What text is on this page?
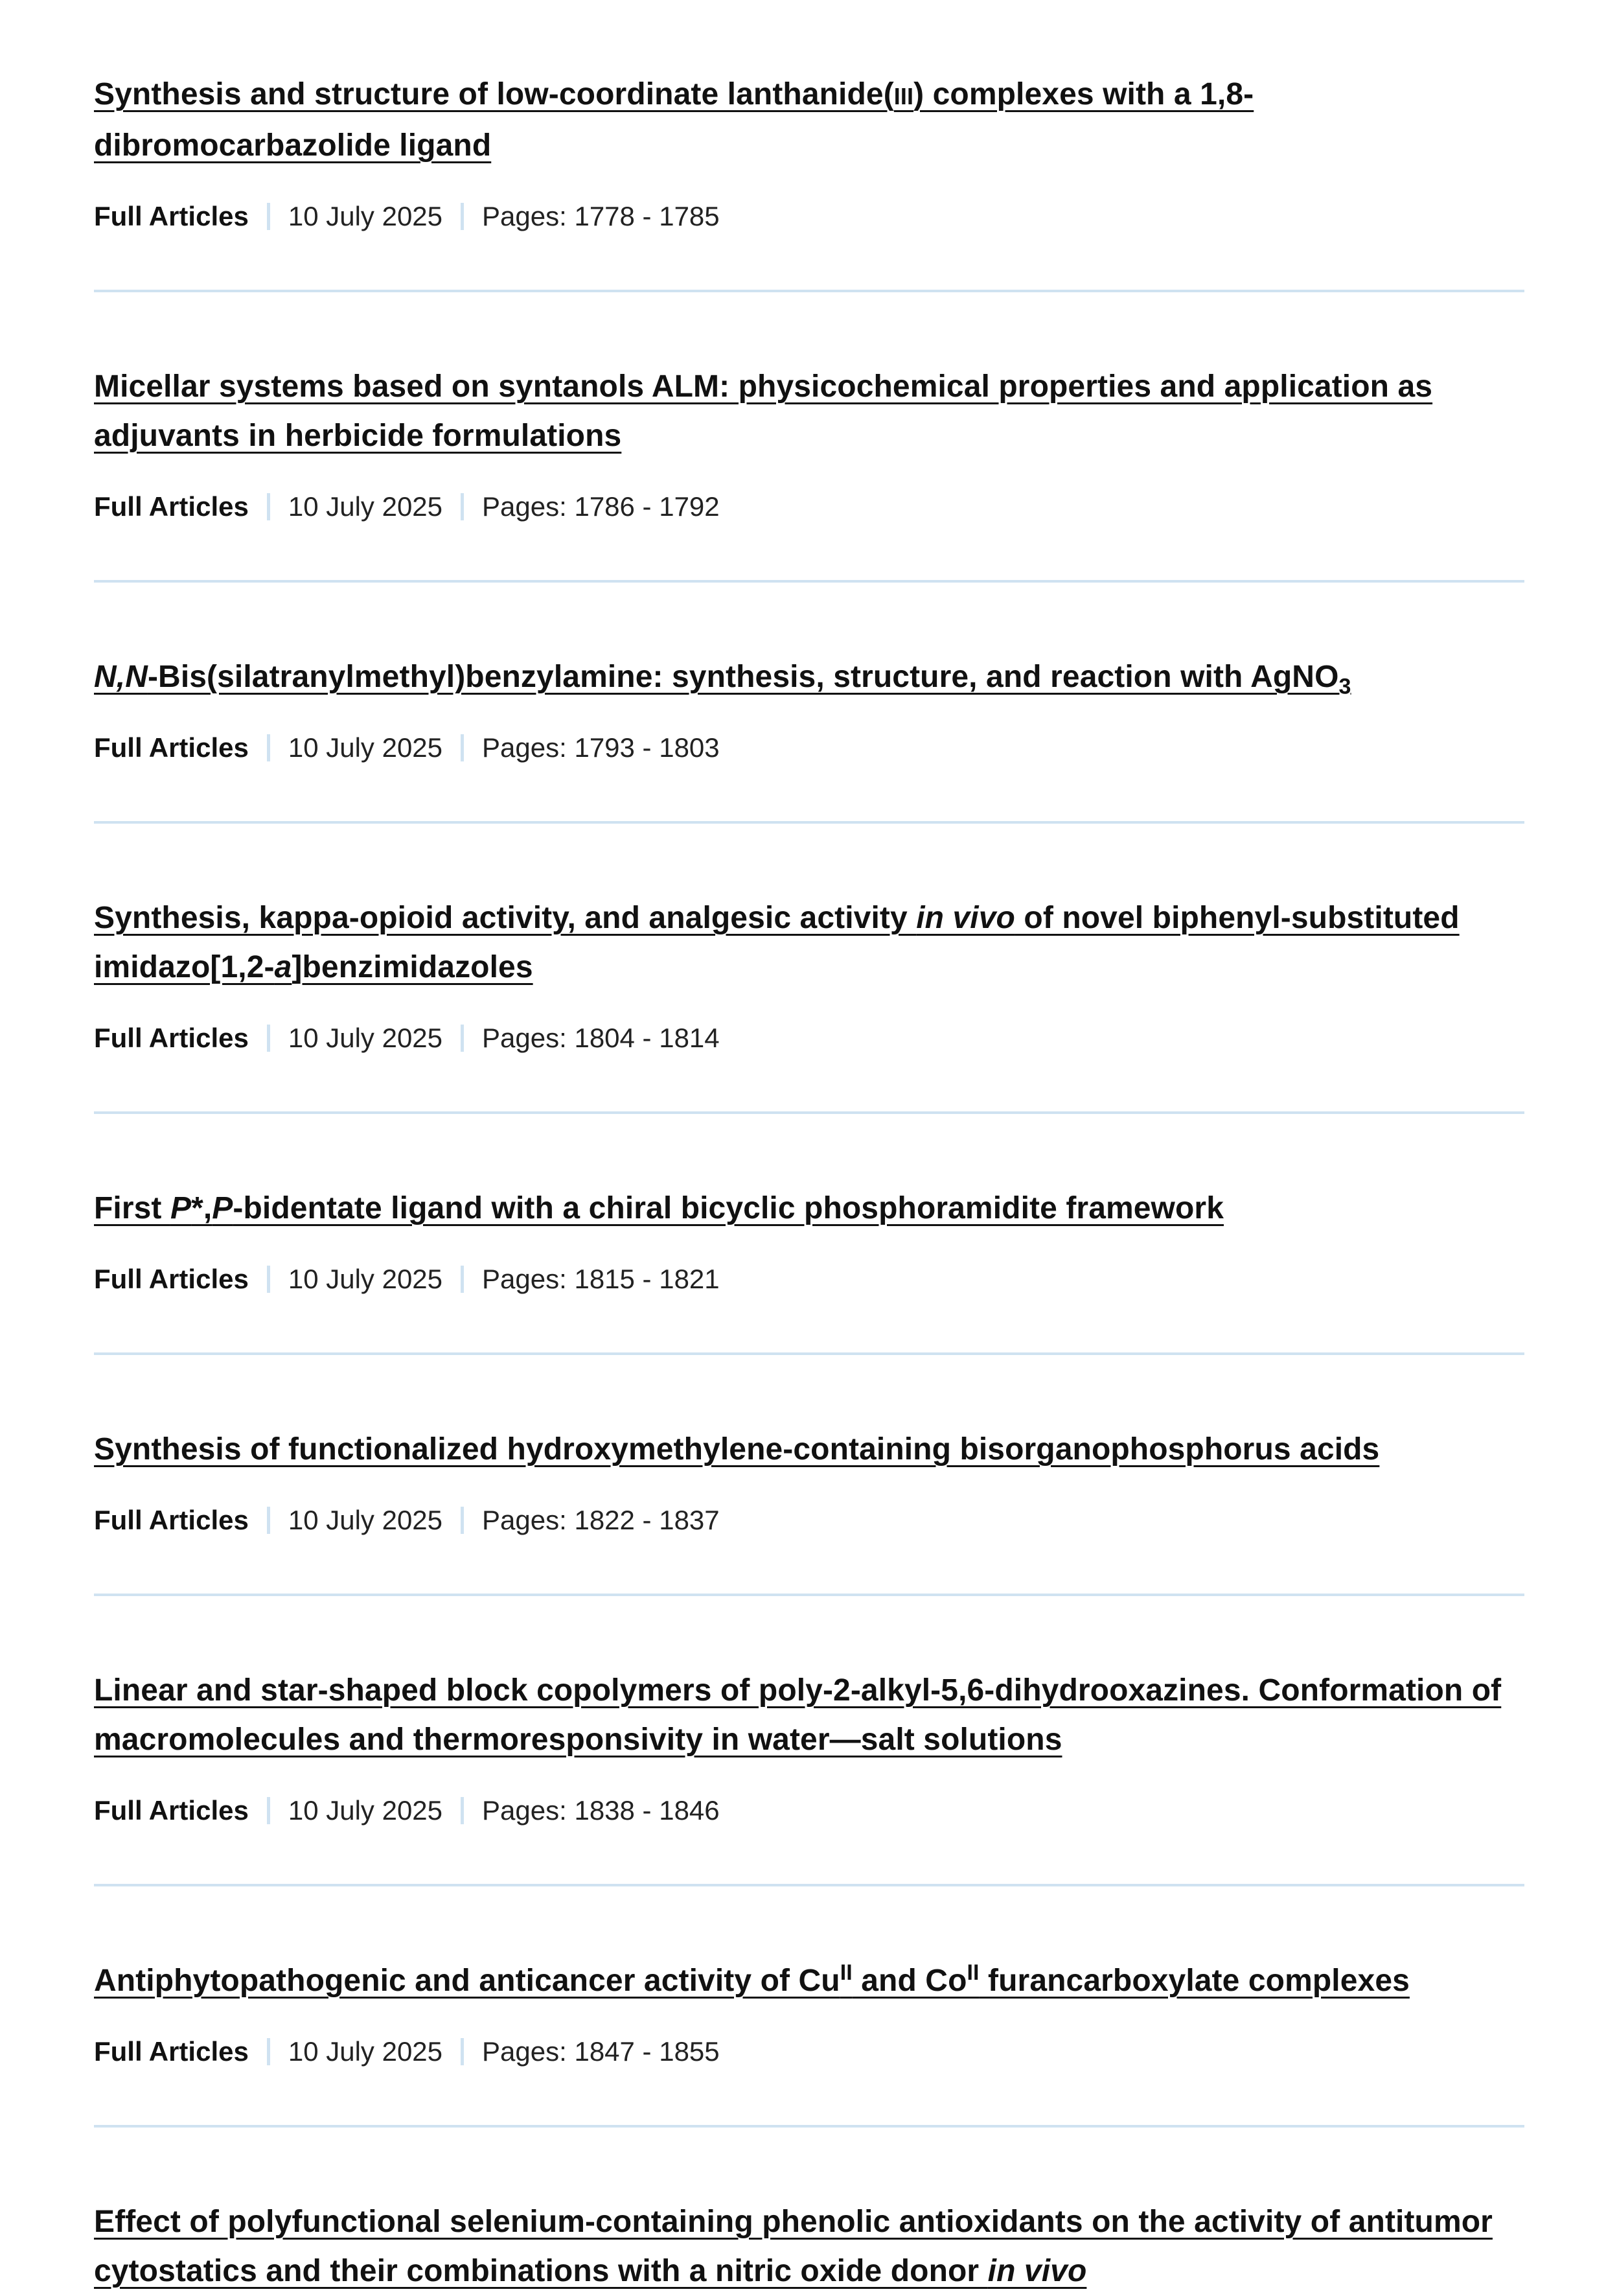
Synthesis and structure of low-coordinate lanthanide(III) complexes with a 1,8-dibromocarbazolide ligand
Full Articles 10 July 2025 Pages: 1778 - 1785
Micellar systems based on syntanols ALM: physicochemical properties and application as adjuvants in herbicide formulations
Full Articles 10 July 2025 Pages: 1786 - 1792
N,N-Bis(silatranylmethyl)benzylamine: synthesis, structure, and reaction with AgNO$_3$
Full Articles 10 July 2025 Pages: 1793 - 1803
Synthesis, kappa-opioid activity, and analgesic activity in vivo of novel biphenyl-substituted imidazo[1,2-a]benzimidazoles
Full Articles 10 July 2025 Pages: 1804 - 1814
First P*,P-bidentate ligand with a chiral bicyclic phosphoramidite framework
Full Articles 10 July 2025 Pages: 1815 - 1821
Synthesis of functionalized hydroxymethylene-containing bisorganophosphorus acids
Full Articles 10 July 2025 Pages: 1822 - 1837
Linear and star-shaped block copolymers of poly-2-alkyl-5,6-dihydrooxazines. Conformation of macromolecules and thermoresponsivity in water—salt solutions
Full Articles 10 July 2025 Pages: 1838 - 1846
Antiphytopathogenic and anticancer activity of Cu$^{II}$ and Co$^{II}$ furancarboxylate complexes
Full Articles 10 July 2025 Pages: 1847 - 1855
Effect of polyfunctional selenium-containing phenolic antioxidants on the activity of antitumor cytostatics and their combinations with a nitric oxide donor in vivo
